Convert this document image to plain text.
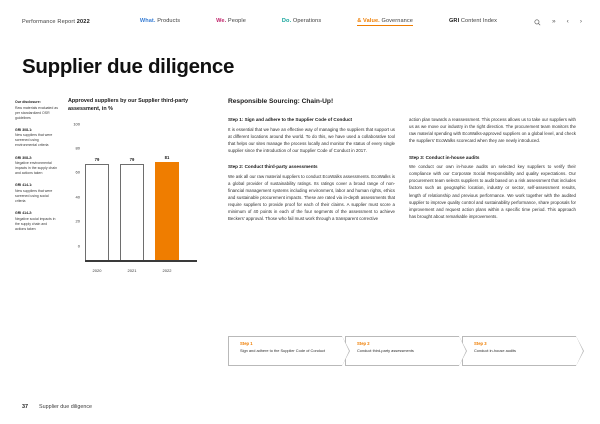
Performance Report 2022	What. Products	We. People	Do. Operations	& Value. Governance	GRI Content Index	» ‹ ›
Supplier due diligence
Our disclosure:
Raw materials evaluated as per standardized OSR guidelines
GRI 308-1:
New suppliers that were screened using environmental criteria
GRI 308-2:
Negative environmental impacts in the supply chain and actions taken
GRI 414-1:
New suppliers that were screened using social criteria
GRI 414-2:
Negative social impacts in the supply chain and actions taken
Approved suppliers by our Supplier third-party assessment, in %
0
20
40
60
80
100
79	79	81
2020	2021	2022
Responsible Sourcing: Chain-Up!
Step 1: Sign and adhere to the Supplier Code of Conduct

It is essential that we have an effective way of managing the suppliers that support us at different locations around the world. To do this, we have used a collaborative tool that helps our sites manage the process locally and monitor the status of every single supplier since the introduction of our Supplier Code of Conduct in 2017.

Step 2: Conduct third-party assessments

We ask all our raw material suppliers to conduct EcoWalks assessments. EcoWalks is a global provider of sustainability ratings. Its ratings cover a broad range of non-financial management systems including environment, labor and human rights, ethics and sustainable procurement impacts. These are rated via in-depth assessments that require suppliers to provide proof for each of their claims. A supplier must score a minimum of 40 points in each of the four segments of the assessment to achieve Beckers' approval. Those who fail must work through a transparent corrective

action plan towards a reassessment. This process allows us to take our suppliers with us as we move our industry in the right direction. The procurement team monitors the raw material spending with EcoWalks-approved suppliers on a global level, and check the suppliers' EcoWalks scorecard when they are newly introduced.

Step 3: Conduct in-house audits

We conduct our own in-house audits on selected key suppliers to verify their compliance with our Corporate Social Responsibility and quality expectations. Our procurement team selects suppliers to audit based on a risk assessment that includes factors such as geographic location, industry or sector, self-assessment results, length of relationship and previous performance. We work together with the audited supplier to improve quality control and sustainability performance, share proposals for improvement and request action plans within a specific time period. This approach has brought about remarkable improvements.

Step 1
Sign and adhere to the Supplier Code of Conduct
Step 2
Conduct third-party assessments
Step 3
Conduct in-house audits
37 Supplier due diligence
